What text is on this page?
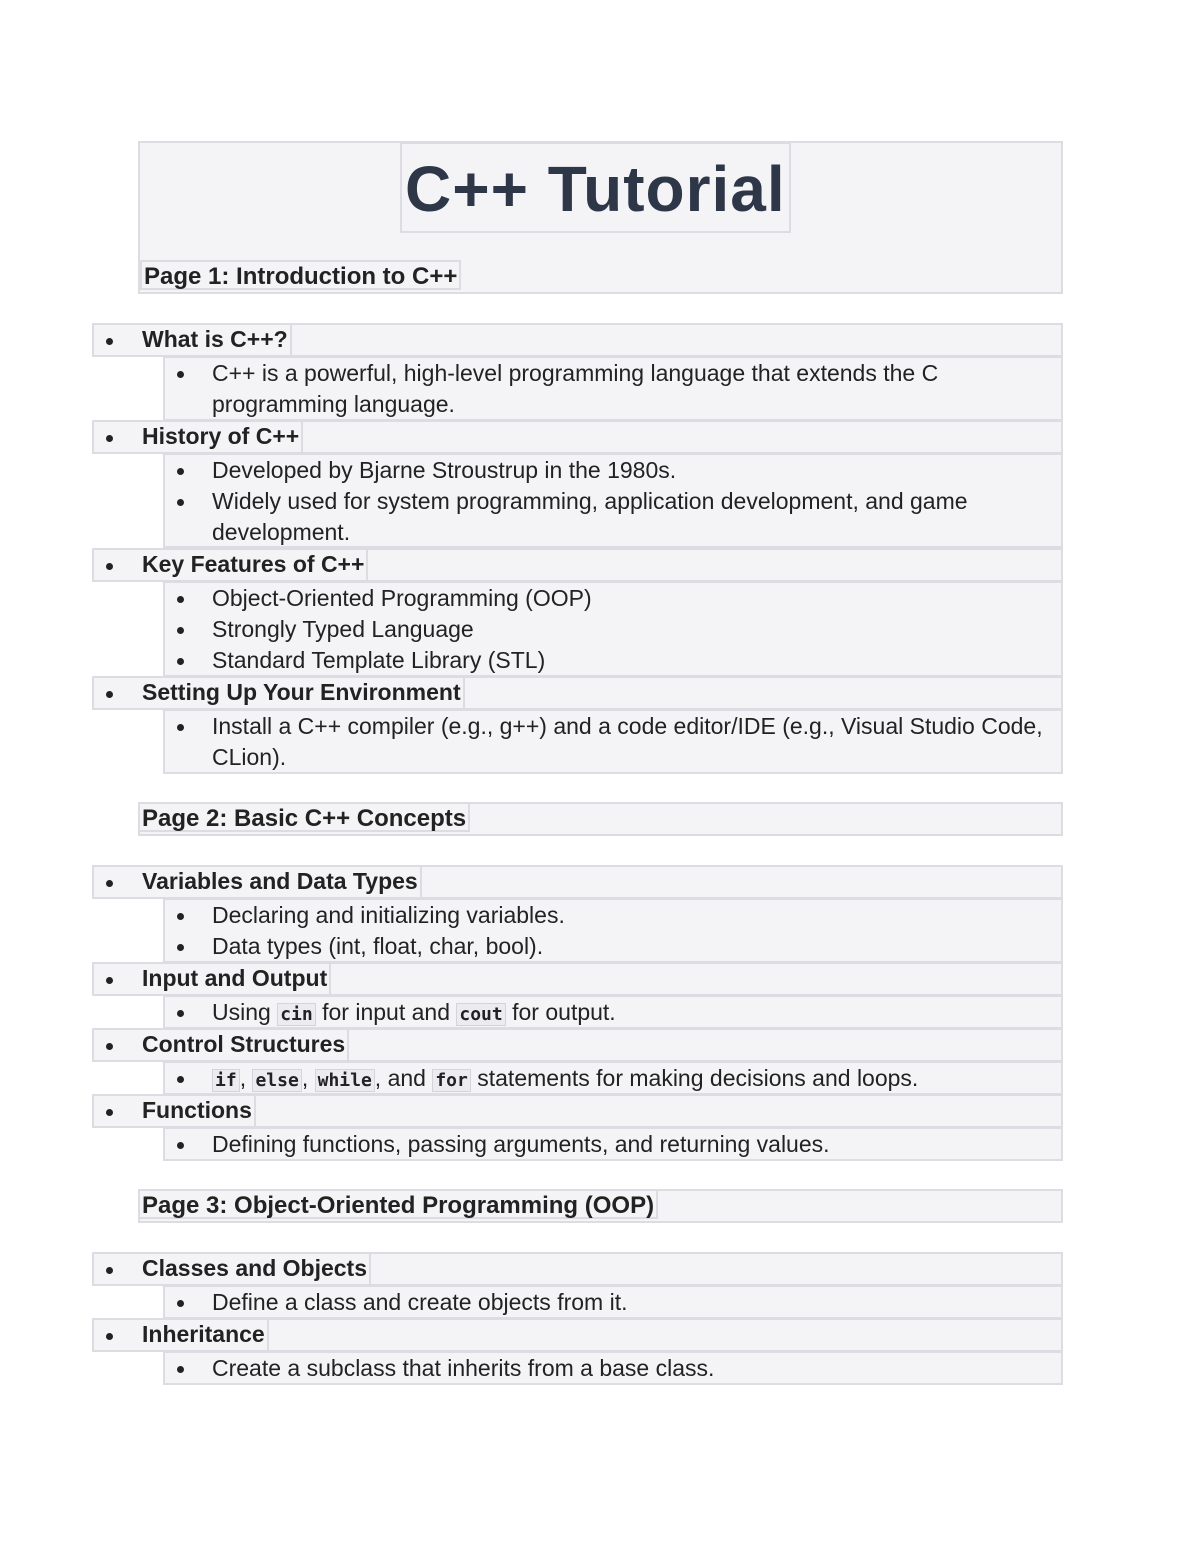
C++ Tutorial
Page 1: Introduction to C++
What is C++?
C++ is a powerful, high-level programming language that extends the C programming language.
History of C++
Developed by Bjarne Stroustrup in the 1980s.
Widely used for system programming, application development, and game development.
Key Features of C++
Object-Oriented Programming (OOP)
Strongly Typed Language
Standard Template Library (STL)
Setting Up Your Environment
Install a C++ compiler (e.g., g++) and a code editor/IDE (e.g., Visual Studio Code, CLion).
Page 2: Basic C++ Concepts
Variables and Data Types
Declaring and initializing variables.
Data types (int, float, char, bool).
Input and Output
Using cin for input and cout for output.
Control Structures
if , else , while , and for statements for making decisions and loops.
Functions
Defining functions, passing arguments, and returning values.
Page 3: Object-Oriented Programming (OOP)
Classes and Objects
Define a class and create objects from it.
Inheritance
Create a subclass that inherits from a base class.
